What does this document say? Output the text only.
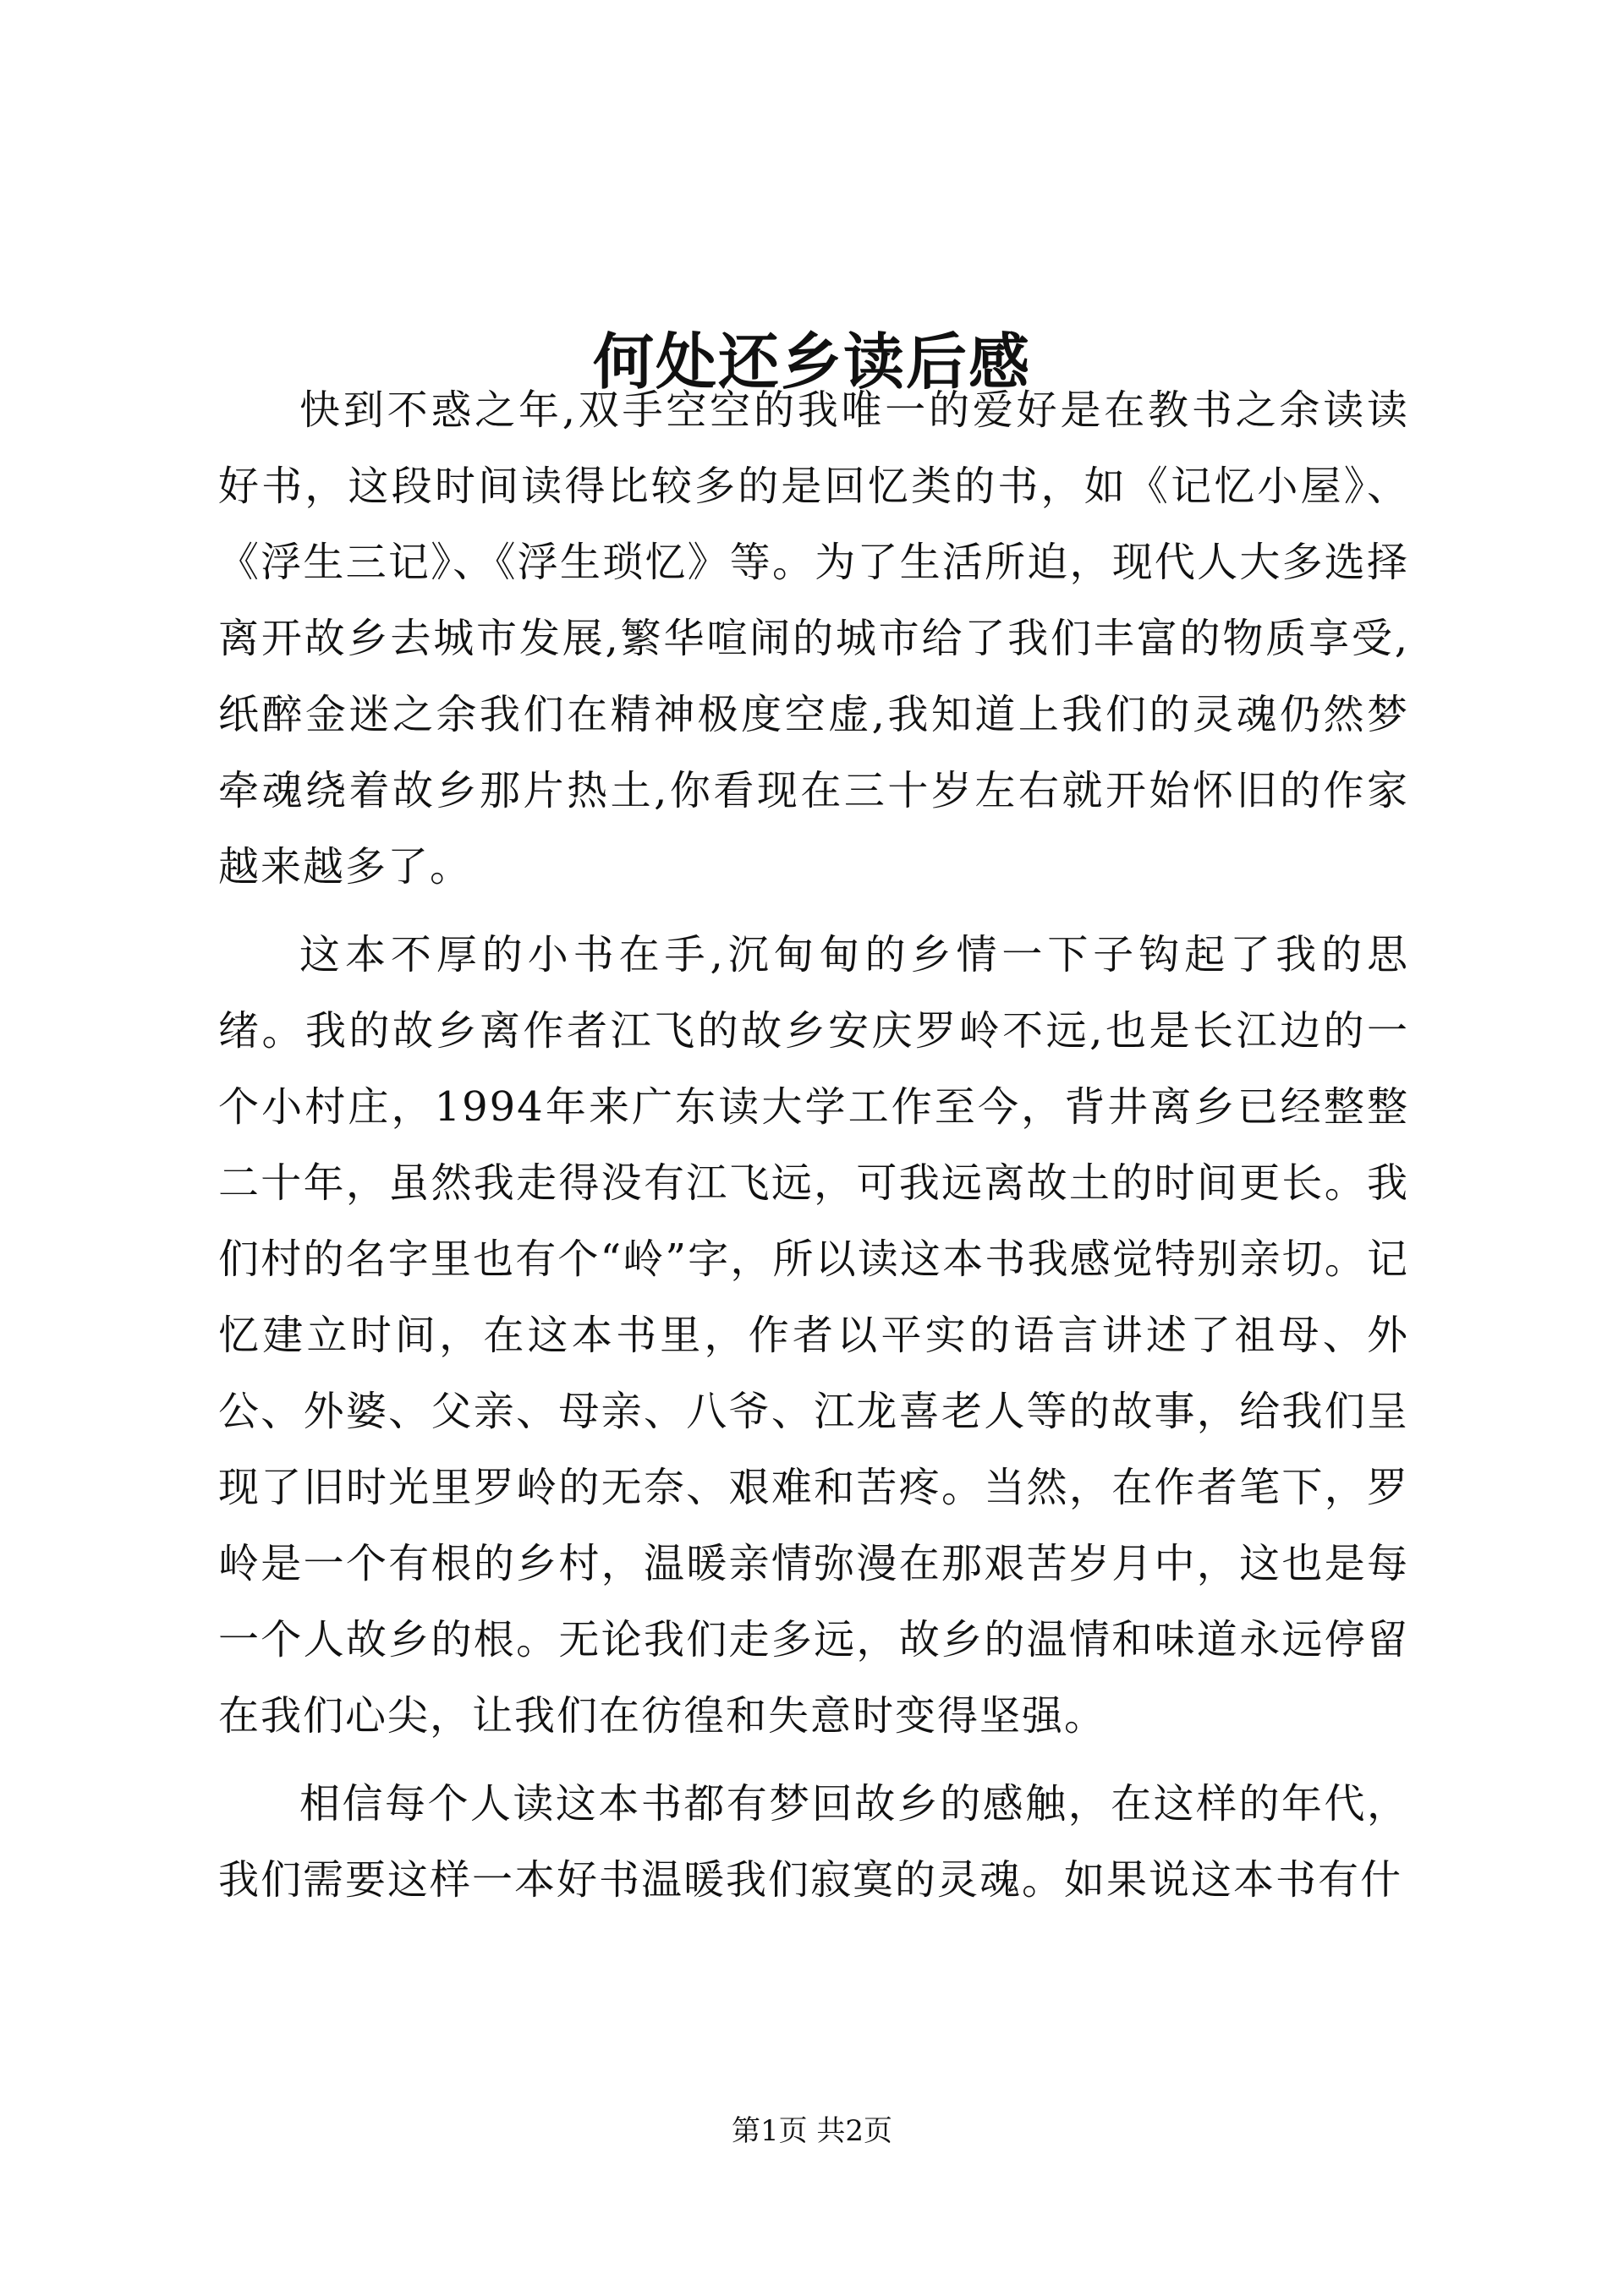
何处还乡读后感

快到不惑之年,双手空空的我唯一的爱好是在教书之余读读好书，这段时间读得比较多的是回忆类的书，如《记忆小屋》、《浮生三记》、《浮生琐忆》等。为了生活所迫，现代人大多选择离开故乡去城市发展,繁华喧闹的城市给了我们丰富的物质享受,纸醉金迷之余我们在精神极度空虚,我知道上我们的灵魂仍然梦牵魂绕着故乡那片热土,你看现在三十岁左右就开始怀旧的作家越来越多了。

这本不厚的小书在手,沉甸甸的乡情一下子钩起了我的思绪。我的故乡离作者江飞的故乡安庆罗岭不远,也是长江边的一个小村庄，1994年来广东读大学工作至今，背井离乡已经整整二十年，虽然我走得没有江飞远，可我远离故土的时间更长。我们村的名字里也有个“岭”字，所以读这本书我感觉特别亲切。记忆建立时间，在这本书里，作者以平实的语言讲述了祖母、外公、外婆、父亲、母亲、八爷、江龙喜老人等的故事，给我们呈现了旧时光里罗岭的无奈、艰难和苦疼。当然，在作者笔下，罗岭是一个有根的乡村，温暖亲情弥漫在那艰苦岁月中，这也是每一个人故乡的根。无论我们走多远，故乡的温情和味道永远停留在我们心尖，让我们在彷徨和失意时变得坚强。

相信每个人读这本书都有梦回故乡的感触，在这样的年代，我们需要这样一本好书温暖我们寂寞的灵魂。如果说这本书有什

第1页 共2页
